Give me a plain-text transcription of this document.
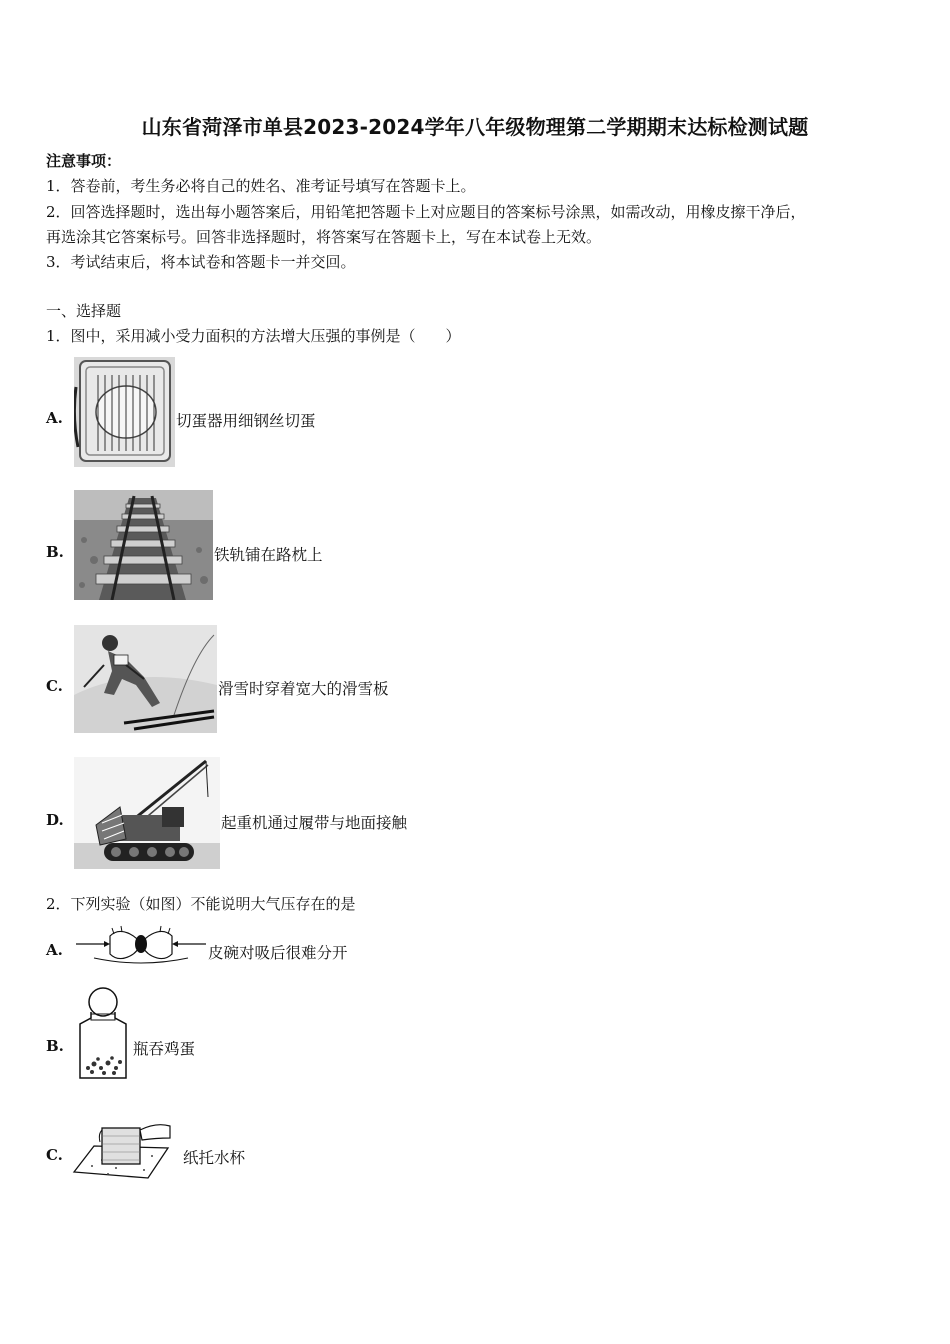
山东省菏泽市单县2023-2024学年八年级物理第二学期期末达标检测试题
注意事项：
1．答卷前，考生务必将自己的姓名、准考证号填写在答题卡上。
2．回答选择题时，选出每小题答案后，用铅笔把答题卡上对应题目的答案标号涂黑，如需改动，用橡皮擦干净后，
再选涂其它答案标号。回答非选择题时，将答案写在答题卡上，写在本试卷上无效。
3．考试结束后，将本试卷和答题卡一并交回。
一、选择题
1．图中，采用减小受力面积的方法增大压强的事例是（　　）
A.	切蛋器用细钢丝切蛋
B.	铁轨铺在路枕上
C.	滑雪时穿着宽大的滑雪板
D.	起重机通过履带与地面接触
2．下列实验（如图）不能说明大气压存在的是
A.	皮碗对吸后很难分开
B.	瓶吞鸡蛋
C.	纸托水杯
